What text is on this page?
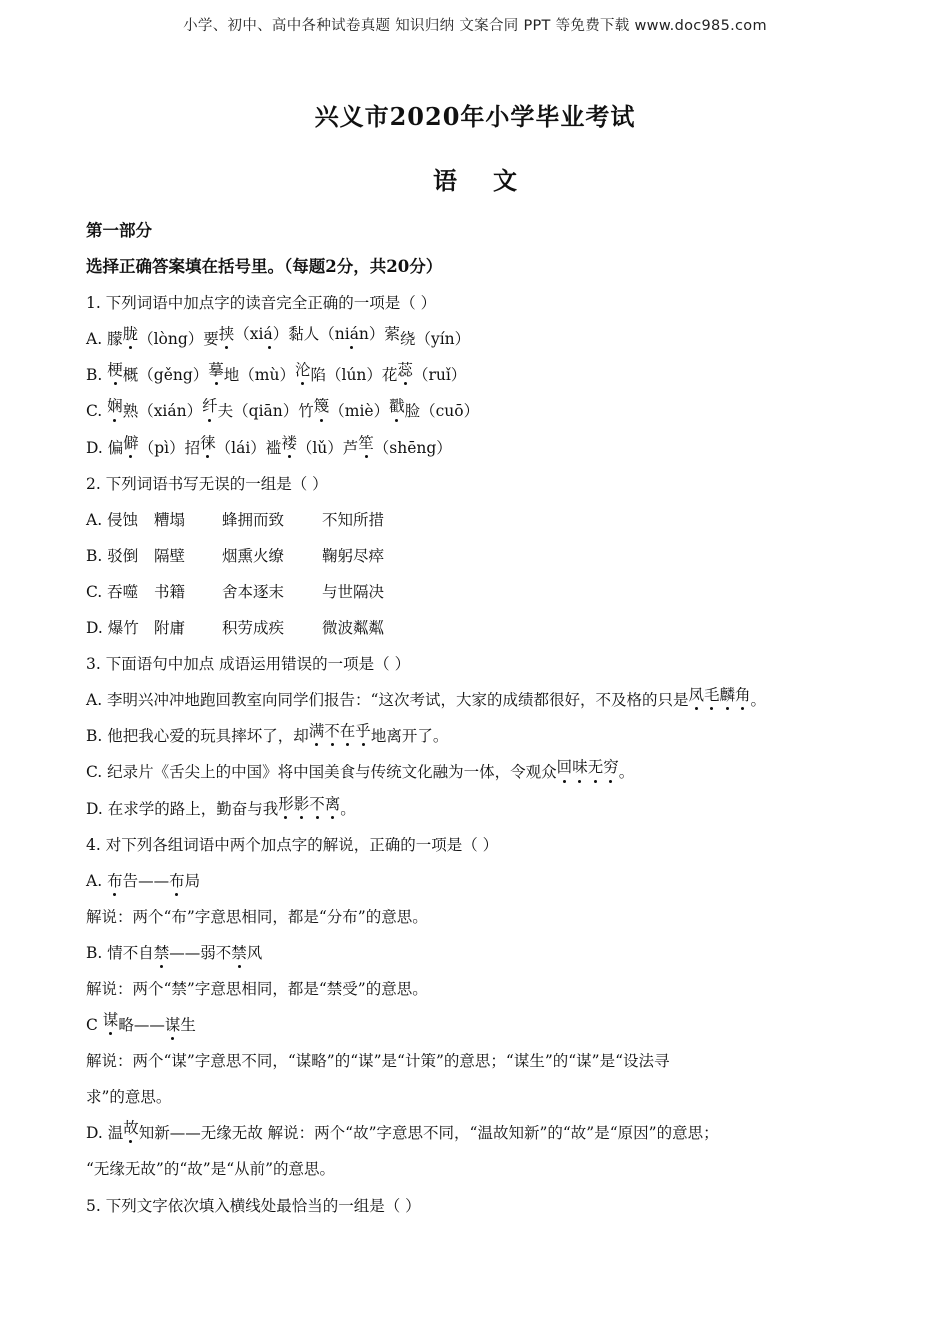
小学、初中、高中各种试卷真题 知识归纳 文案合同 PPT 等免费下载 www.doc985.com
兴义市2020年小学毕业考试
语 文
第一部分
选择正确答案填在括号里。（每题2分，共20分）
1. 下列词语中加点字的读音完全正确的一项是（ ）
A. 朦胧（lòng）要挟（xiá）黏人（nián）萦绕（yín）
B. 梗概（gěng）摹地（mù）沦陷（lún）花蕊（ruǐ）
C. 娴熟（xián）纤夫（qiān）竹篾（miè）戳脸（cuō）
D. 偏僻（pì）招徕（lái）褴褛（lǔ）芦笙（shēng）
2. 下列词语书写无误的一组是（ ）
A. 侵蚀 糟塌 蜂拥而致 不知所措
B. 驳倒 隔壁 烟熏火缭 鞠躬尽瘁
C. 吞噬 书籍 舍本逐末 与世隔决
D. 爆竹 附庸 积劳成疾 微波粼粼
3. 下面语句中加点 成语运用错误的一项是（ ）
A. 李明兴冲冲地跑回教室向同学们报告：“这次考试，大家的成绩都很好，不及格的只是凤毛麟角。
B. 他把我心爱的玩具摔坏了，却满不在乎地离开了。
C. 纪录片《舌尖上的中国》将中国美食与传统文化融为一体，令观众回味无穷。
D. 在求学的路上，勤奋与我形影不离。
4. 对下列各组词语中两个加点字的解说，正确的一项是（ ）
A. 布告——布局
解说：两个“布”字意思相同，都是“分布”的意思。
B. 情不自禁——弱不禁风
解说：两个“禁”字意思相同，都是“禁受”的意思。
C 谋略——谋生
解说：两个“谋”字意思不同，“谋略”的“谋”是“计策”的意思；“谋生”的“谋”是“设法寻
求”的意思。
D. 温故知新——无缘无故 解说：两个“故”字意思不同，“温故知新”的“故”是“原因”的意思；
“无缘无故”的“故”是“从前”的意思。
5. 下列文字依次填入横线处最恰当的一组是（ ）
